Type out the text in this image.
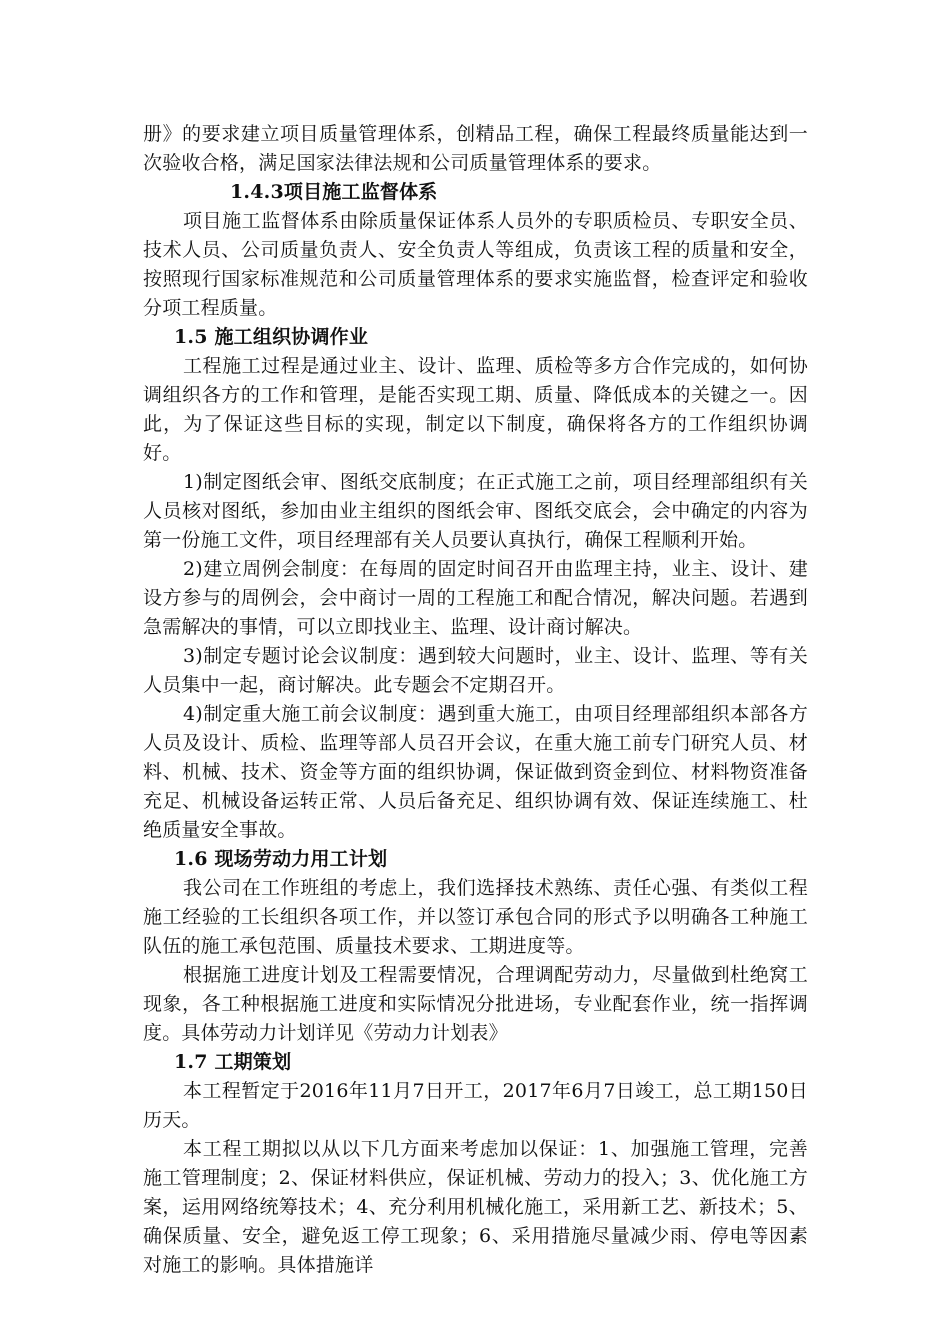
册》的要求建立项目质量管理体系，创精品工程，确保工程最终质量能达到一次验收合格，满足国家法律法规和公司质量管理体系的要求。

1.4.3项目施工监督体系

项目施工监督体系由除质量保证体系人员外的专职质检员、专职安全员、技术人员、公司质量负责人、安全负责人等组成，负责该工程的质量和安全，按照现行国家标准规范和公司质量管理体系的要求实施监督，检查评定和验收分项工程质量。

1.5 施工组织协调作业

工程施工过程是通过业主、设计、监理、质检等多方合作完成的，如何协调组织各方的工作和管理，是能否实现工期、质量、降低成本的关键之一。因此，为了保证这些目标的实现，制定以下制度，确保将各方的工作组织协调好。

1)制定图纸会审、图纸交底制度；在正式施工之前，项目经理部组织有关人员核对图纸，参加由业主组织的图纸会审、图纸交底会，会中确定的内容为第一份施工文件，项目经理部有关人员要认真执行，确保工程顺利开始。

2)建立周例会制度：在每周的固定时间召开由监理主持，业主、设计、建设方参与的周例会，会中商讨一周的工程施工和配合情况，解决问题。若遇到急需解决的事情，可以立即找业主、监理、设计商讨解决。

3)制定专题讨论会议制度：遇到较大问题时，业主、设计、监理、等有关人员集中一起，商讨解决。此专题会不定期召开。

4)制定重大施工前会议制度：遇到重大施工，由项目经理部组织本部各方人员及设计、质检、监理等部人员召开会议，在重大施工前专门研究人员、材料、机械、技术、资金等方面的组织协调，保证做到资金到位、材料物资准备充足、机械设备运转正常、人员后备充足、组织协调有效、保证连续施工、杜绝质量安全事故。

1.6 现场劳动力用工计划

我公司在工作班组的考虑上，我们选择技术熟练、责任心强、有类似工程施工经验的工长组织各项工作，并以签订承包合同的形式予以明确各工种施工队伍的施工承包范围、质量技术要求、工期进度等。

根据施工进度计划及工程需要情况，合理调配劳动力，尽量做到杜绝窝工现象，各工种根据施工进度和实际情况分批进场，专业配套作业，统一指挥调度。具体劳动力计划详见《劳动力计划表》

1.7 工期策划

本工程暂定于2016年11月7日开工，2017年6月7日竣工，总工期150日历天。

本工程工期拟以从以下几方面来考虑加以保证：1、加强施工管理，完善施工管理制度；2、保证材料供应，保证机械、劳动力的投入；3、优化施工方案，运用网络统筹技术；4、充分利用机械化施工，采用新工艺、新技术；5、确保质量、安全，避免返工停工现象；6、采用措施尽量减少雨、停电等因素对施工的影响。具体措施详
